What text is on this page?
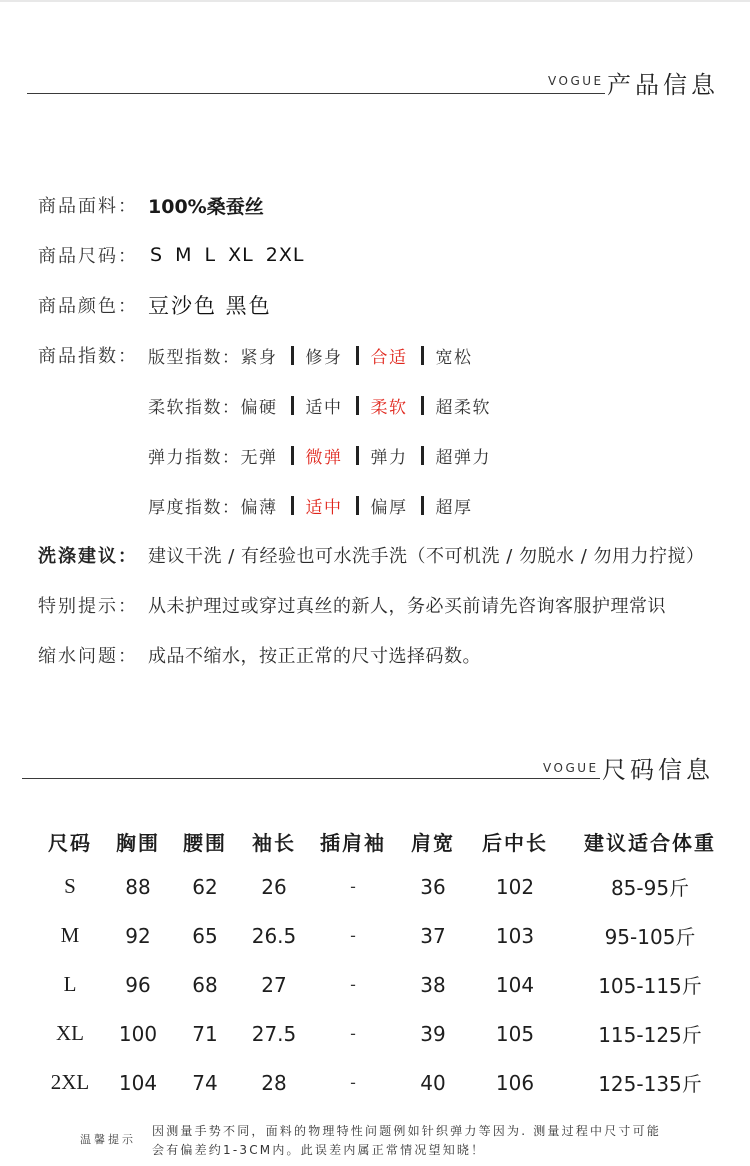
VOGUE 产品信息
商品面料： 100%桑蚕丝
商品尺码： S M L XL 2XL
商品颜色： 豆沙色 黑色
商品指数： 版型指数： 紧身 修身 合适 宽松
柔软指数： 偏硬 适中 柔软 超柔软
弹力指数： 无弹 微弹 弹力 超弹力
厚度指数： 偏薄 适中 偏厚 超厚
洗涤建议： 建议干洗 / 有经验也可水洗手洗（不可机洗 / 勿脱水 / 勿用力拧搅）
特别提示： 从未护理过或穿过真丝的新人，务必买前请先咨询客服护理常识
缩水问题： 成品不缩水，按正正常的尺寸选择码数。
VOGUE 尺码信息
尺码	胸围	腰围	袖长	插肩袖	肩宽	后中长	建议适合体重
S	88	62	26	-	36	102	85-95斤
M	92	65	26.5	-	37	103	95-105斤
L	96	68	27	-	38	104	105-115斤
XL	100	71	27.5	-	39	105	115-125斤
2XL	104	74	28	-	40	106	125-135斤
温馨提示
因测量手势不同，面料的物理特性问题例如针织弹力等因为. 测量过程中尺寸可能
会有偏差约1-3CM内。此误差内属正常情况望知晓！
